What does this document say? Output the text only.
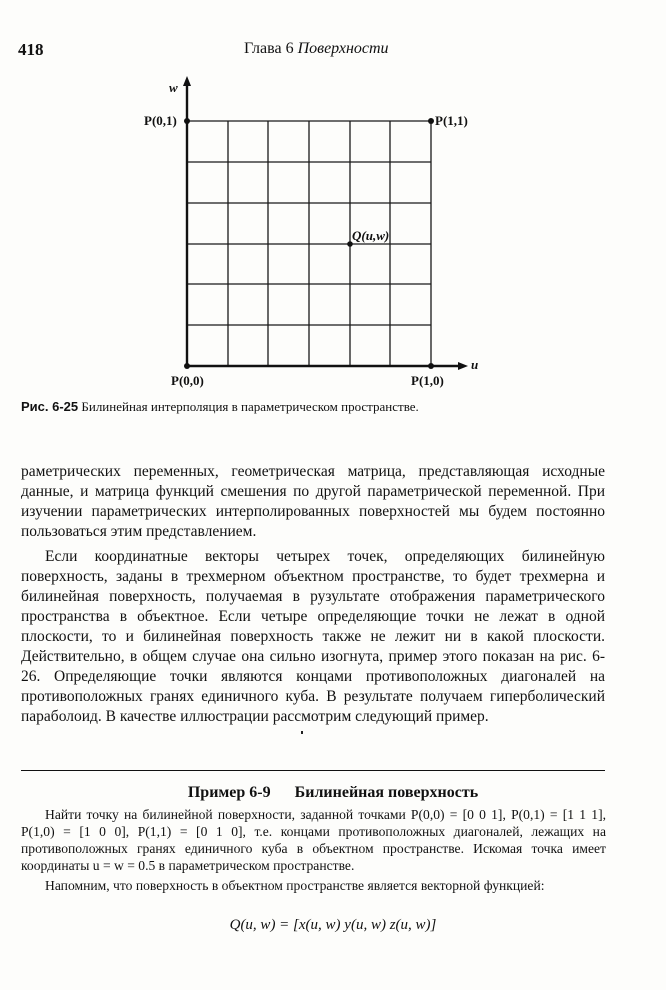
418	Глава 6 Поверхности
w
u
P(0,1)	P(1,1)
P(0,0)	P(1,0)
Q(u,w)
Рис. 6-25 Билинейная интерполяция в параметрическом пространстве.

раметрических переменных, геометрическая матрица, представляющая исходные данные, и матрица функций смешения по другой параметрической переменной. При изучении параметрических интерполированных поверхностей мы будем постоянно пользоваться этим представлением.

Если координатные векторы четырех точек, определяющих билинейную поверхность, заданы в трехмерном объектном пространстве, то будет трехмерна и билинейная поверхность, получаемая в рузультате отображения параметрического пространства в объектное. Если четыре определяющие точки не лежат в одной плоскости, то и билинейная поверхность также не лежит ни в какой плоскости. Действительно, в общем случае она сильно изогнута, пример этого показан на рис. 6-26. Определяющие точки являются концами противоположных диагоналей на противоположных гранях единичного куба. В результате получаем гиперболический параболоид. В качестве иллюстрации рассмотрим следующий пример.

Пример 6-9 Билинейная поверхность

Найти точку на билинейной поверхности, заданной точками P(0,0) = [0 0 1], P(0,1) = [1 1 1], P(1,0) = [1 0 0], P(1,1) = [0 1 0], т.е. концами противоположных диагоналей, лежащих на противоположных гранях единичного куба в объектном пространстве. Искомая точка имеет координаты u = w = 0.5 в параметрическом пространстве.

Напомним, что поверхность в объектном пространстве является векторной функцией:

Q(u, w) = [x(u, w) y(u, w) z(u, w)]
